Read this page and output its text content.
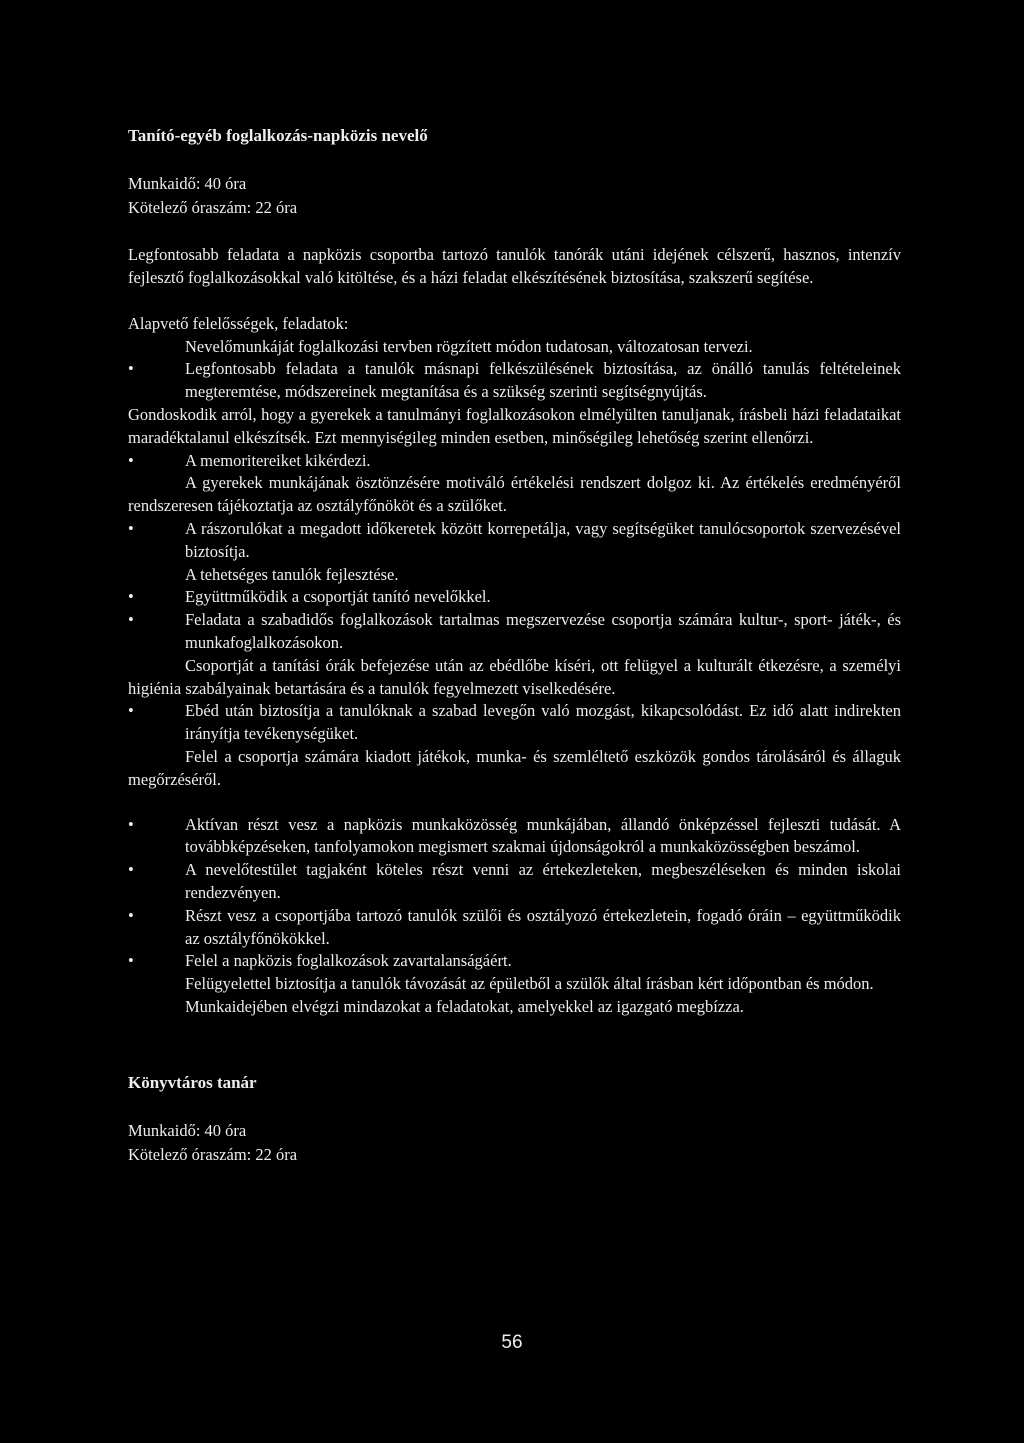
Tanító-egyéb foglalkozás-napközis nevelő

Munkaidő: 40 óra

Kötelező óraszám: 22 óra

Legfontosabb feladata a napközis csoportba tartozó tanulók tanórák utáni idejének célszerű, hasznos, intenzív fejlesztő foglalkozásokkal való kitöltése, és a házi feladat elkészítésének biztosítása, szakszerű segítése.

Alapvető felelősségek, feladatok:

Nevelőmunkáját foglalkozási tervben rögzített módon tudatosan, változatosan tervezi.

• Legfontosabb feladata a tanulók másnapi felkészülésének biztosítása, az önálló tanulás feltételeinek megteremtése, módszereinek megtanítása és a szükség szerinti segítségnyújtás.

Gondoskodik arról, hogy a gyerekek a tanulmányi foglalkozásokon elmélyülten tanuljanak, írásbeli házi feladataikat maradéktalanul elkészítsék. Ezt mennyiségileg minden esetben, minőségileg lehetőség szerint ellenőrzi.

• A memoritereiket kikérdezi.

A gyerekek munkájának ösztönzésére motiváló értékelési rendszert dolgoz ki. Az értékelés eredményéről rendszeresen tájékoztatja az osztályfőnököt és a szülőket.

• A rászorulókat a megadott időkeretek között korrepetálja, vagy segítségüket tanulócsoportok szervezésével biztosítja.

A tehetséges tanulók fejlesztése.

• Együttműködik a csoportját tanító nevelőkkel.

• Feladata a szabadidős foglalkozások tartalmas megszervezése csoportja számára kultur-, sport- játék-, és munkafoglalkozásokon.

Csoportját a tanítási órák befejezése után az ebédlőbe kíséri, ott felügyel a kulturált étkezésre, a személyi higiénia szabályainak betartására és a tanulók fegyelmezett viselkedésére.

• Ebéd után biztosítja a tanulóknak a szabad levegőn való mozgást, kikapcsolódást. Ez idő alatt indirekten irányítja tevékenységüket.

Felel a csoportja számára kiadott játékok, munka- és szemléltető eszközök gondos tárolásáról és állaguk megőrzéséről.

• Aktívan részt vesz a napközis munkaközösség munkájában, állandó önképzéssel fejleszti tudását. A továbbképzéseken, tanfolyamokon megismert szakmai újdonságokról a munkaközösségben beszámol.

• A nevelőtestület tagjaként köteles részt venni az értekezleteken, megbeszéléseken és minden iskolai rendezvényen.

• Részt vesz a csoportjába tartozó tanulók szülői és osztályozó értekezletein, fogadó óráin – együttműködik az osztályfőnökökkel.

• Felel a napközis foglalkozások zavartalanságáért.

Felügyelettel biztosítja a tanulók távozását az épületből a szülők által írásban kért időpontban és módon.

Munkaidejében elvégzi mindazokat a feladatokat, amelyekkel az igazgató megbízza.

Könyvtáros tanár

Munkaidő: 40 óra

Kötelező óraszám: 22 óra

56
